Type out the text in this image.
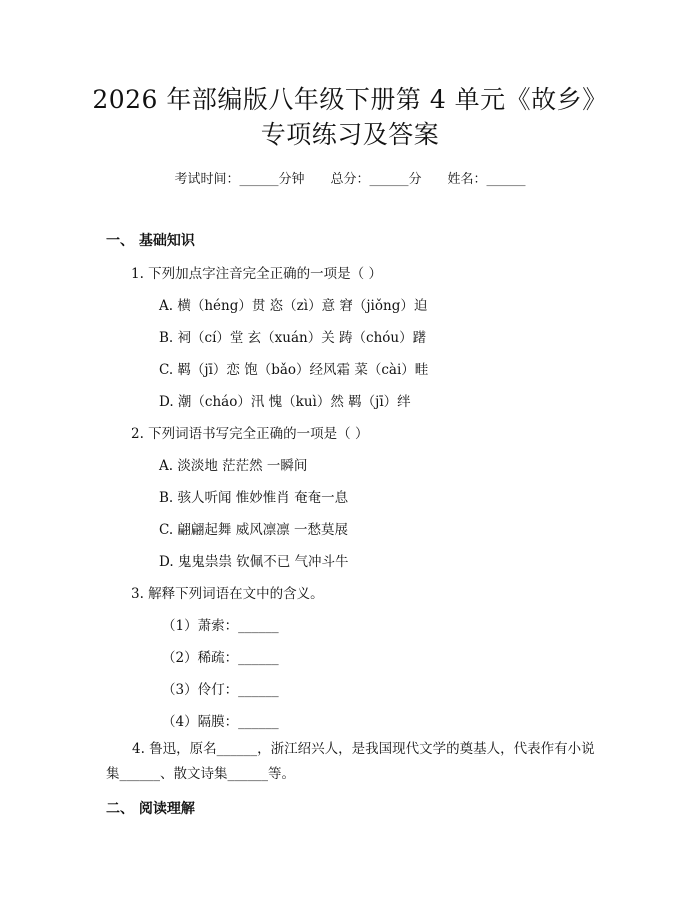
2026 年部编版八年级下册第 4 单元《故乡》
专项练习及答案
考试时间：______分钟 总分：______分 姓名：______
一、 基础知识
1. 下列加点字注音完全正确的一项是（ ）
A. 横（héng）贯 恣（zì）意 窘（jiǒng）迫
B. 祠（cí）堂 玄（xuán）关 踌（chóu）躇
C. 羁（jī）恋 饱（bǎo）经风霜 菜（cài）畦
D. 潮（cháo）汛 愧（kuì）然 羁（jī）绊
2. 下列词语书写完全正确的一项是（ ）
A. 淡淡地 茫茫然 一瞬间
B. 骇人听闻 惟妙惟肖 奄奄一息
C. 翩翩起舞 威风凛凛 一愁莫展
D. 鬼鬼祟祟 钦佩不已 气冲斗牛
3. 解释下列词语在文中的含义。
（1）萧索：______
（2）稀疏：______
（3）伶仃：______
（4）隔膜：______
4. 鲁迅，原名______，浙江绍兴人，是我国现代文学的奠基人，代表作有小说集______、散文诗集______等。
二、 阅读理解
